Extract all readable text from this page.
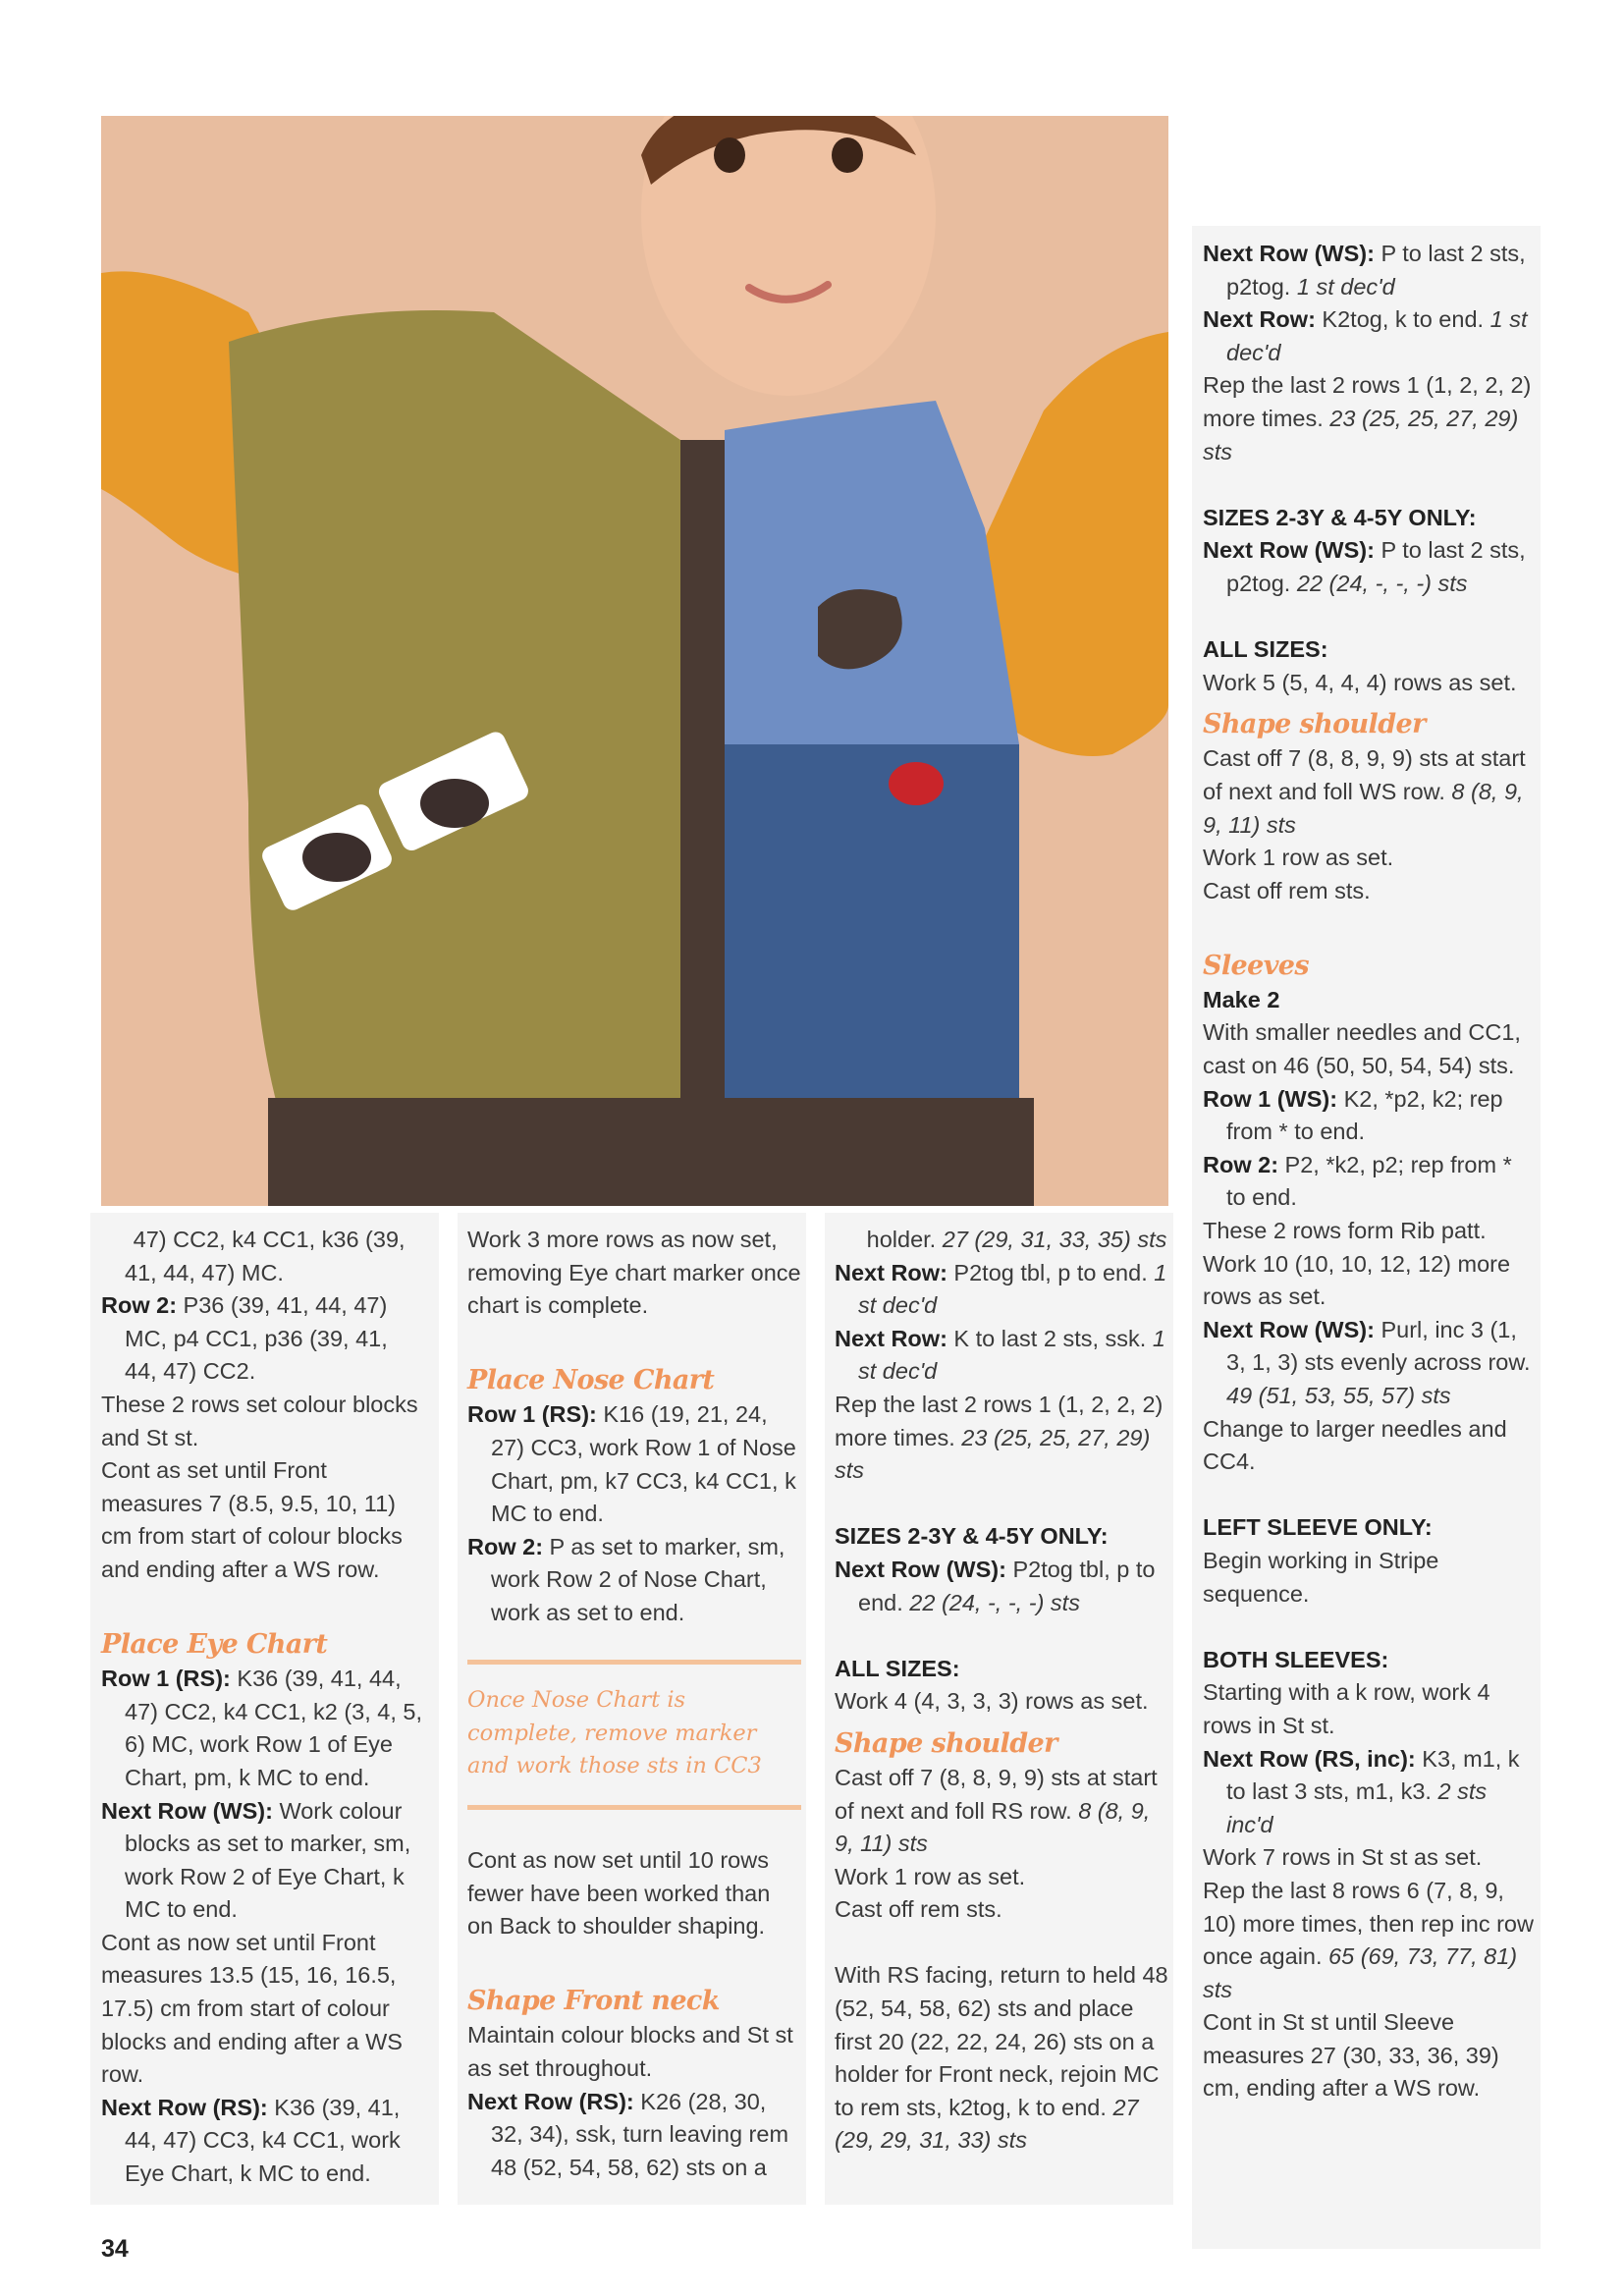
47) CC2, k4 CC1, k36 (39, 41, 44, 47) MC.

Row 2: P36 (39, 41, 44, 47) MC, p4 CC1, p36 (39, 41, 44, 47) CC2.

These 2 rows set colour blocks and St st.

Cont as set until Front measures 7 (8.5, 9.5, 10, 11) cm from start of colour blocks and ending after a WS row.

Place Eye Chart

Row 1 (RS): K36 (39, 41, 44, 47) CC2, k4 CC1, k2 (3, 4, 5, 6) MC, work Row 1 of Eye Chart, pm, k MC to end.

Next Row (WS): Work colour blocks as set to marker, sm, work Row 2 of Eye Chart, k MC to end.

Cont as now set until Front measures 13.5 (15, 16, 16.5, 17.5) cm from start of colour blocks and ending after a WS row.

Next Row (RS): K36 (39, 41, 44, 47) CC3, k4 CC1, work Eye Chart, k MC to end.

Work 3 more rows as now set, removing Eye chart marker once chart is complete.

Place Nose Chart

Row 1 (RS): K16 (19, 21, 24, 27) CC3, work Row 1 of Nose Chart, pm, k7 CC3, k4 CC1, k MC to end.

Row 2: P as set to marker, sm, work Row 2 of Nose Chart, work as set to end.

Once Nose Chart is complete, remove marker and work those sts in CC3

Cont as now set until 10 rows fewer have been worked than on Back to shoulder shaping.

Shape Front neck

Maintain colour blocks and St st as set throughout.

Next Row (RS): K26 (28, 30, 32, 34), ssk, turn leaving rem 48 (52, 54, 58, 62) sts on a

holder. 27 (29, 31, 33, 35) sts

Next Row: P2tog tbl, p to end. 1 st dec'd

Next Row: K to last 2 sts, ssk. 1 st dec'd

Rep the last 2 rows 1 (1, 2, 2, 2) more times. 23 (25, 25, 27, 29) sts

SIZES 2-3Y & 4-5Y ONLY:

Next Row (WS): P2tog tbl, p to end. 22 (24, -, -, -) sts

ALL SIZES:

Work 4 (4, 3, 3, 3) rows as set.

Shape shoulder

Cast off 7 (8, 8, 9, 9) sts at start of next and foll RS row. 8 (8, 9, 9, 11) sts

Work 1 row as set.

Cast off rem sts.

With RS facing, return to held 48 (52, 54, 58, 62) sts and place first 20 (22, 22, 24, 26) sts on a holder for Front neck, rejoin MC to rem sts, k2tog, k to end. 27 (29, 29, 31, 33) sts

Next Row (WS): P to last 2 sts, p2tog. 1 st dec'd

Next Row: K2tog, k to end. 1 st dec'd

Rep the last 2 rows 1 (1, 2, 2, 2) more times. 23 (25, 25, 27, 29) sts

SIZES 2-3Y & 4-5Y ONLY:

Next Row (WS): P to last 2 sts, p2tog. 22 (24, -, -, -) sts

ALL SIZES:

Work 5 (5, 4, 4, 4) rows as set.

Shape shoulder

Cast off 7 (8, 8, 9, 9) sts at start of next and foll WS row. 8 (8, 9, 9, 11) sts

Work 1 row as set.

Cast off rem sts.

Sleeves

Make 2

With smaller needles and CC1, cast on 46 (50, 50, 54, 54) sts.

Row 1 (WS): K2, *p2, k2; rep from * to end.

Row 2: P2, *k2, p2; rep from * to end.

These 2 rows form Rib patt.

Work 10 (10, 10, 12, 12) more rows as set.

Next Row (WS): Purl, inc 3 (1, 3, 1, 3) sts evenly across row. 49 (51, 53, 55, 57) sts

Change to larger needles and CC4.

LEFT SLEEVE ONLY:

Begin working in Stripe sequence.

BOTH SLEEVES:

Starting with a k row, work 4 rows in St st.

Next Row (RS, inc): K3, m1, k to last 3 sts, m1, k3. 2 sts inc'd

Work 7 rows in St st as set.

Rep the last 8 rows 6 (7, 8, 9, 10) more times, then rep inc row once again. 65 (69, 73, 77, 81) sts

Cont in St st until Sleeve measures 27 (30, 33, 36, 39) cm, ending after a WS row.

34
